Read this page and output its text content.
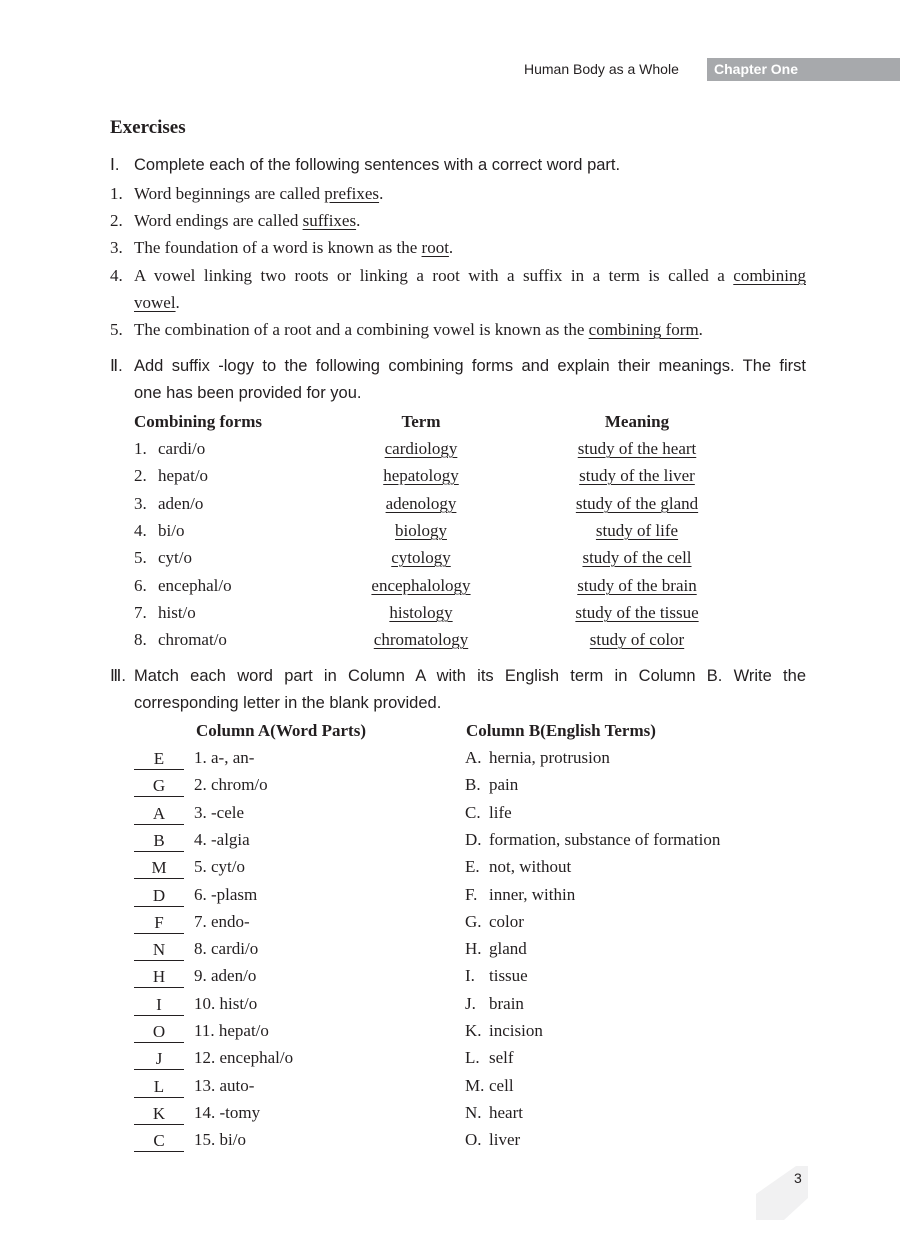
Human Body as a Whole	Chapter One
Exercises
Ⅰ. Complete each of the following sentences with a correct word part.
1. Word beginnings are called prefixes.
2. Word endings are called suffixes.
3. The foundation of a word is known as the root.
4. A vowel linking two roots or linking a root with a suffix in a term is called a combining
vowel.
5. The combination of a root and a combining vowel is known as the combining form.
Ⅱ. Add suffix -logy to the following combining forms and explain their meanings. The first
one has been provided for you.
Combining forms	Term	Meaning
1. cardi/o	cardiology	study of the heart
2. hepat/o	hepatology	study of the liver
3. aden/o	adenology	study of the gland
4. bi/o	biology	study of life
5. cyt/o	cytology	study of the cell
6. encephal/o	encephalology	study of the brain
7. hist/o	histology	study of the tissue
8. chromat/o	chromatology	study of color
Ⅲ. Match each word part in Column A with its English term in Column B. Write the
corresponding letter in the blank provided.
Column A(Word Parts)	Column B(English Terms)
E	1. a-, an-	A. hernia, protrusion
G	2. chrom/o	B. pain
A	3. -cele	C. life
B	4. -algia	D. formation, substance of formation
M	5. cyt/o	E. not, without
D	6. -plasm	F. inner, within
F	7. endo-	G. color
N	8. cardi/o	H. gland
H	9. aden/o	I. tissue
I	10. hist/o	J. brain
O	11. hepat/o	K. incision
J	12. encephal/o	L. self
L	13. auto-	M. cell
K	14. -tomy	N. heart
C	15. bi/o	O. liver
3
